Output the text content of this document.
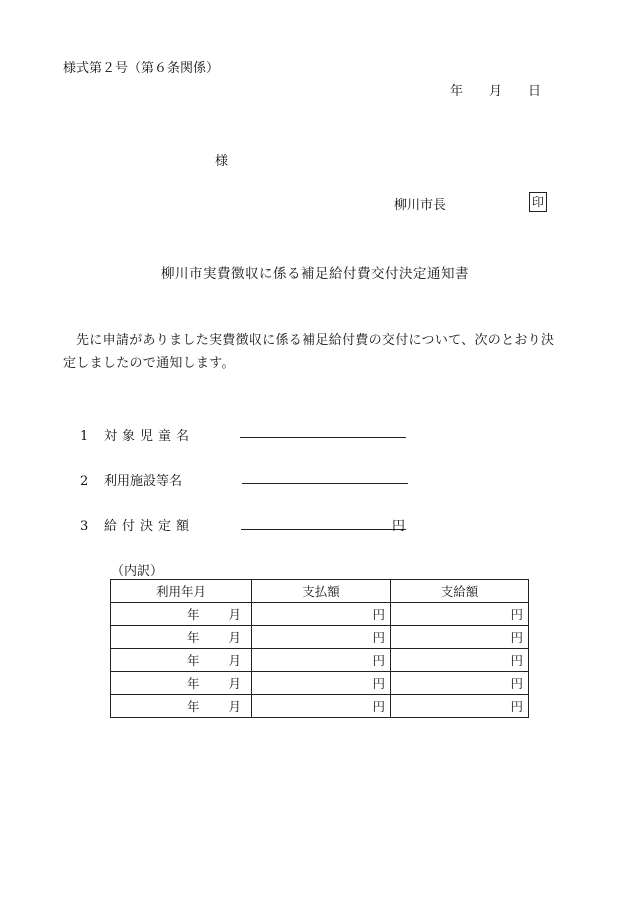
様式第２号（第６条関係）
年 月 日
様
柳川市長	印
柳川市実費徴収に係る補足給付費交付決定通知書
先に申請がありました実費徴収に係る補足給付費の交付について、次のとおり決定しましたので通知します。
1 対象児童名
2 利用施設等名
3 給付決定額	円
（内訳）
利用年月	支払額	支給額
年 月	円	円
年 月	円	円
年 月	円	円
年 月	円	円
年 月	円	円
